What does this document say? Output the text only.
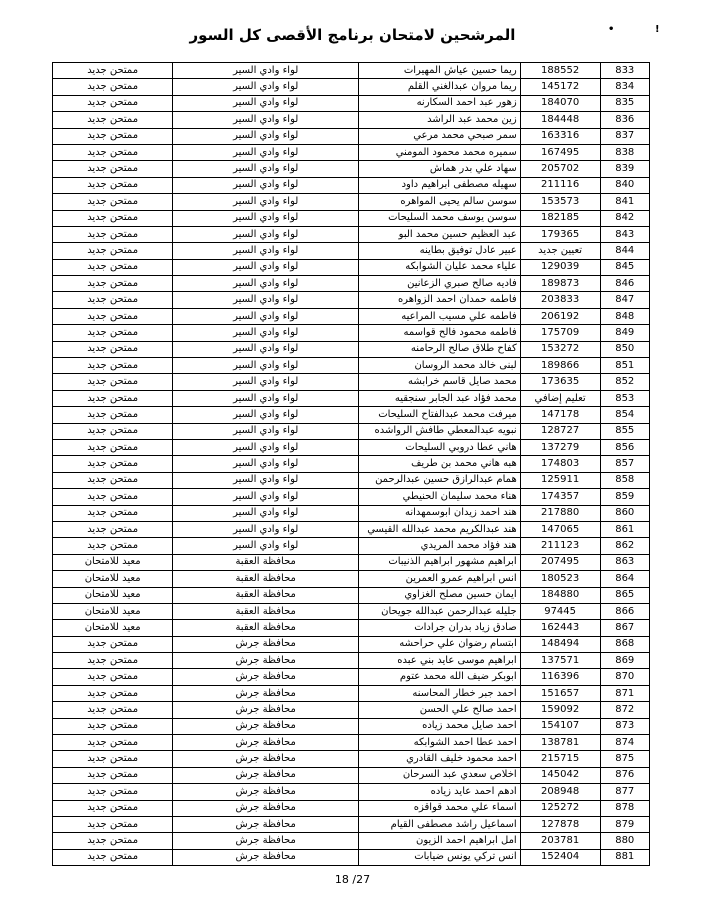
!
•
المرشحين لامتحان برنامج الأقصى كل السور
833	188552	ريما حسين عياش المهيرات	لواء وادي السير	ممتحن جديد
834	145172	ريما مروان عبدالغني القلم	لواء وادي السير	ممتحن جديد
835	184070	زهور عبد احمد السكارنه	لواء وادي السير	ممتحن جديد
836	184448	زين محمد عبد الراشد	لواء وادي السير	ممتحن جديد
837	163316	سمر صبحي محمد مرعي	لواء وادي السير	ممتحن جديد
838	167495	سميره محمد محمود المومني	لواء وادي السير	ممتحن جديد
839	205702	سهاد علي بدر هماش	لواء وادي السير	ممتحن جديد
840	211116	سهيله مصطفى ابراهيم داود	لواء وادي السير	ممتحن جديد
841	153573	سوسن سالم يحيى المواهره	لواء وادي السير	ممتحن جديد
842	182185	سوسن يوسف محمد السليحات	لواء وادي السير	ممتحن جديد
843	179365	عبد العظيم حسين محمد البو	لواء وادي السير	ممتحن جديد
844	تعيين جديد	عبير عادل توفيق بطاينه	لواء وادي السير	ممتحن جديد
845	129039	علياء محمد عليان الشوابكه	لواء وادي السير	ممتحن جديد
846	189873	فاديه صالح صبري الزعانين	لواء وادي السير	ممتحن جديد
847	203833	فاطمه حمدان احمد الزواهره	لواء وادي السير	ممتحن جديد
848	206192	فاطمه علي مسيب المراعيه	لواء وادي السير	ممتحن جديد
849	175709	فاطمه محمود فالح قواسمه	لواء وادي السير	ممتحن جديد
850	153272	كفاح طلاق صالح الرحامنه	لواء وادي السير	ممتحن جديد
851	189866	لبنى خالد محمد الروسان	لواء وادي السير	ممتحن جديد
852	173635	محمد صايل قاسم خرابشه	لواء وادي السير	ممتحن جديد
853	تعليم إضافي	محمد فؤاد عبد الجابر سنجقيه	لواء وادي السير	ممتحن جديد
854	147178	ميرفت محمد عبدالفتاح السليحات	لواء وادي السير	ممتحن جديد
855	128727	نبويه عبدالمعطي طافش الرواشده	لواء وادي السير	ممتحن جديد
856	137279	هاني عطا دروبي السليحات	لواء وادي السير	ممتحن جديد
857	174803	هبه هاني محمد بن طريف	لواء وادي السير	ممتحن جديد
858	125911	همام عبدالرازق حسين عبدالرحمن	لواء وادي السير	ممتحن جديد
859	174357	هناء محمد سليمان الحنيطي	لواء وادي السير	ممتحن جديد
860	217880	هند احمد زيدان ابوسمهدانه	لواء وادي السير	ممتحن جديد
861	147065	هند عبدالكريم محمد عبدالله القيسي	لواء وادي السير	ممتحن جديد
862	211123	هند فؤاد محمد المريدي	لواء وادي السير	ممتحن جديد
863	207495	ابراهيم مشهور ابراهيم الذنيبات	محافظة العقبة	معيد للامتحان
864	180523	انس ابراهيم عمرو العمرين	محافظة العقبة	معيد للامتحان
865	184880	ايمان حسين مصلح الغزاوي	محافظة العقبة	معيد للامتحان
866	97445	جليله عبدالرحمن عبدالله جويحان	محافظة العقبة	معيد للامتحان
867	162443	صادق زياد بدران جرادات	محافظة العقبة	معيد للامتحان
868	148494	ابتسام رضوان علي حراحشه	محافظة جرش	ممتحن جديد
869	137571	ابراهيم موسى عايد بني عبده	محافظة جرش	ممتحن جديد
870	116396	ابوبكر ضيف الله محمد عتوم	محافظة جرش	ممتحن جديد
871	151657	احمد جبر خطار المحاسنه	محافظة جرش	ممتحن جديد
872	159092	احمد صالح علي الحسن	محافظة جرش	ممتحن جديد
873	154107	احمد صايل محمد زياده	محافظة جرش	ممتحن جديد
874	138781	احمد عطا احمد الشوابكه	محافظة جرش	ممتحن جديد
875	215715	احمد محمود خليف القادري	محافظة جرش	ممتحن جديد
876	145042	اخلاص سعدي عبد السرحان	محافظة جرش	ممتحن جديد
877	208948	ادهم احمد عايد زياده	محافظة جرش	ممتحن جديد
878	125272	اسماء علي محمد قواقزه	محافظة جرش	ممتحن جديد
879	127878	اسماعيل راشد مصطفى القيام	محافظة جرش	ممتحن جديد
880	203781	امل ابراهيم احمد الزيون	محافظة جرش	ممتحن جديد
881	152404	انس تركي يونس ضيابات	محافظة جرش	ممتحن جديد
18 /27
